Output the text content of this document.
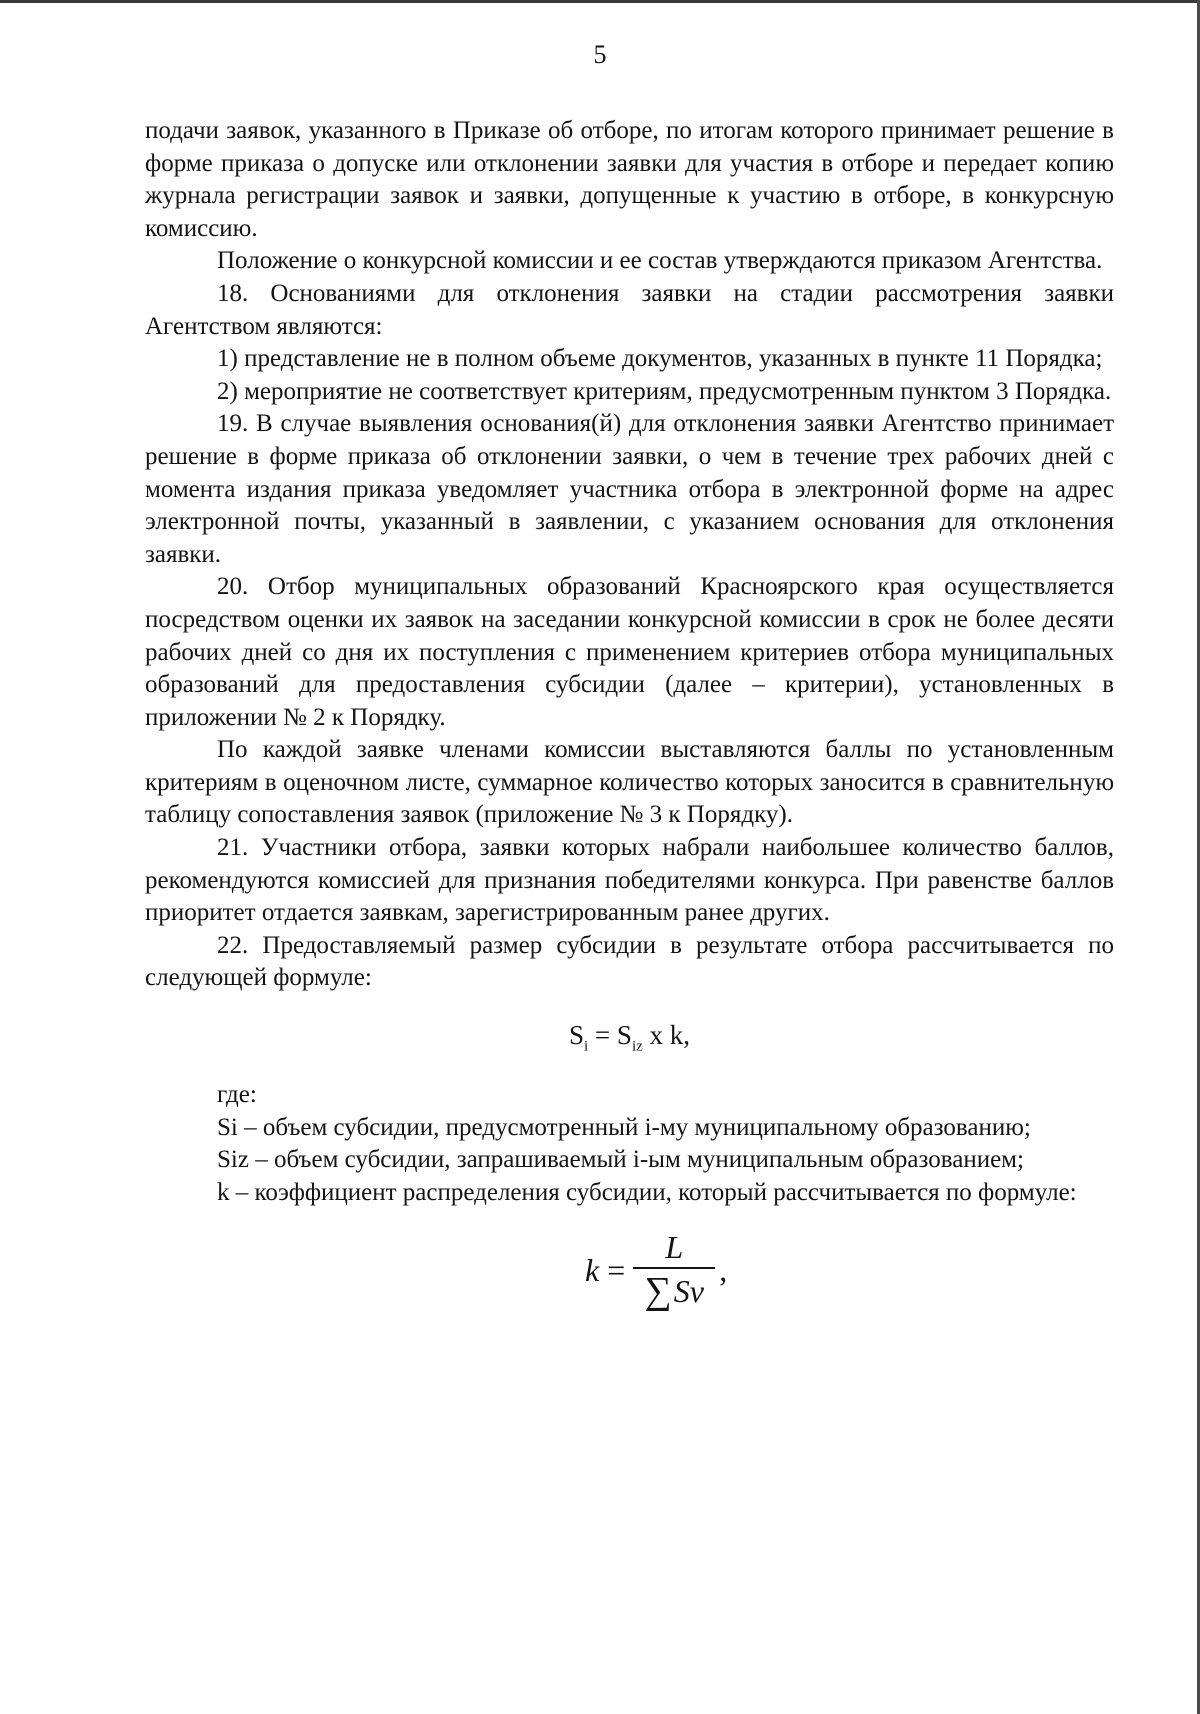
5

подачи заявок, указанного в Приказе об отборе, по итогам которого принимает решение в форме приказа о допуске или отклонении заявки для участия в отборе и передает копию журнала регистрации заявок и заявки, допущенные к участию в отборе, в конкурсную комиссию.

Положение о конкурсной комиссии и ее состав утверждаются приказом Агентства.

18. Основаниями для отклонения заявки на стадии рассмотрения заявки Агентством являются:

1) представление не в полном объеме документов, указанных в пункте 11 Порядка;

2) мероприятие не соответствует критериям, предусмотренным пунктом 3 Порядка.

19. В случае выявления основания(й) для отклонения заявки Агентство принимает решение в форме приказа об отклонении заявки, о чем в течение трех рабочих дней с момента издания приказа уведомляет участника отбора в электронной форме на адрес электронной почты, указанный в заявлении, с указанием основания для отклонения заявки.

20. Отбор муниципальных образований Красноярского края осуществляется посредством оценки их заявок на заседании конкурсной комиссии в срок не более десяти рабочих дней со дня их поступления с применением критериев отбора муниципальных образований для предоставления субсидии (далее – критерии), установленных в приложении № 2 к Порядку.

По каждой заявке членами комиссии выставляются баллы по установленным критериям в оценочном листе, суммарное количество которых заносится в сравнительную таблицу сопоставления заявок (приложение № 3 к Порядку).

21. Участники отбора, заявки которых набрали наибольшее количество баллов, рекомендуются комиссией для признания победителями конкурса. При равенстве баллов приоритет отдается заявкам, зарегистрированным ранее других.

22. Предоставляемый размер субсидии в результате отбора рассчитывается по следующей формуле:

$S_i = S_{iz}$ x k,

где:

Si – объем субсидии, предусмотренный i-му муниципальному образованию;

Siz – объем субсидии, запрашиваемый i-ым муниципальным образованием;

k – коэффициент распределения субсидии, который рассчитывается по формуле:

$k = \frac{L}{\sum Sv}$ ,
